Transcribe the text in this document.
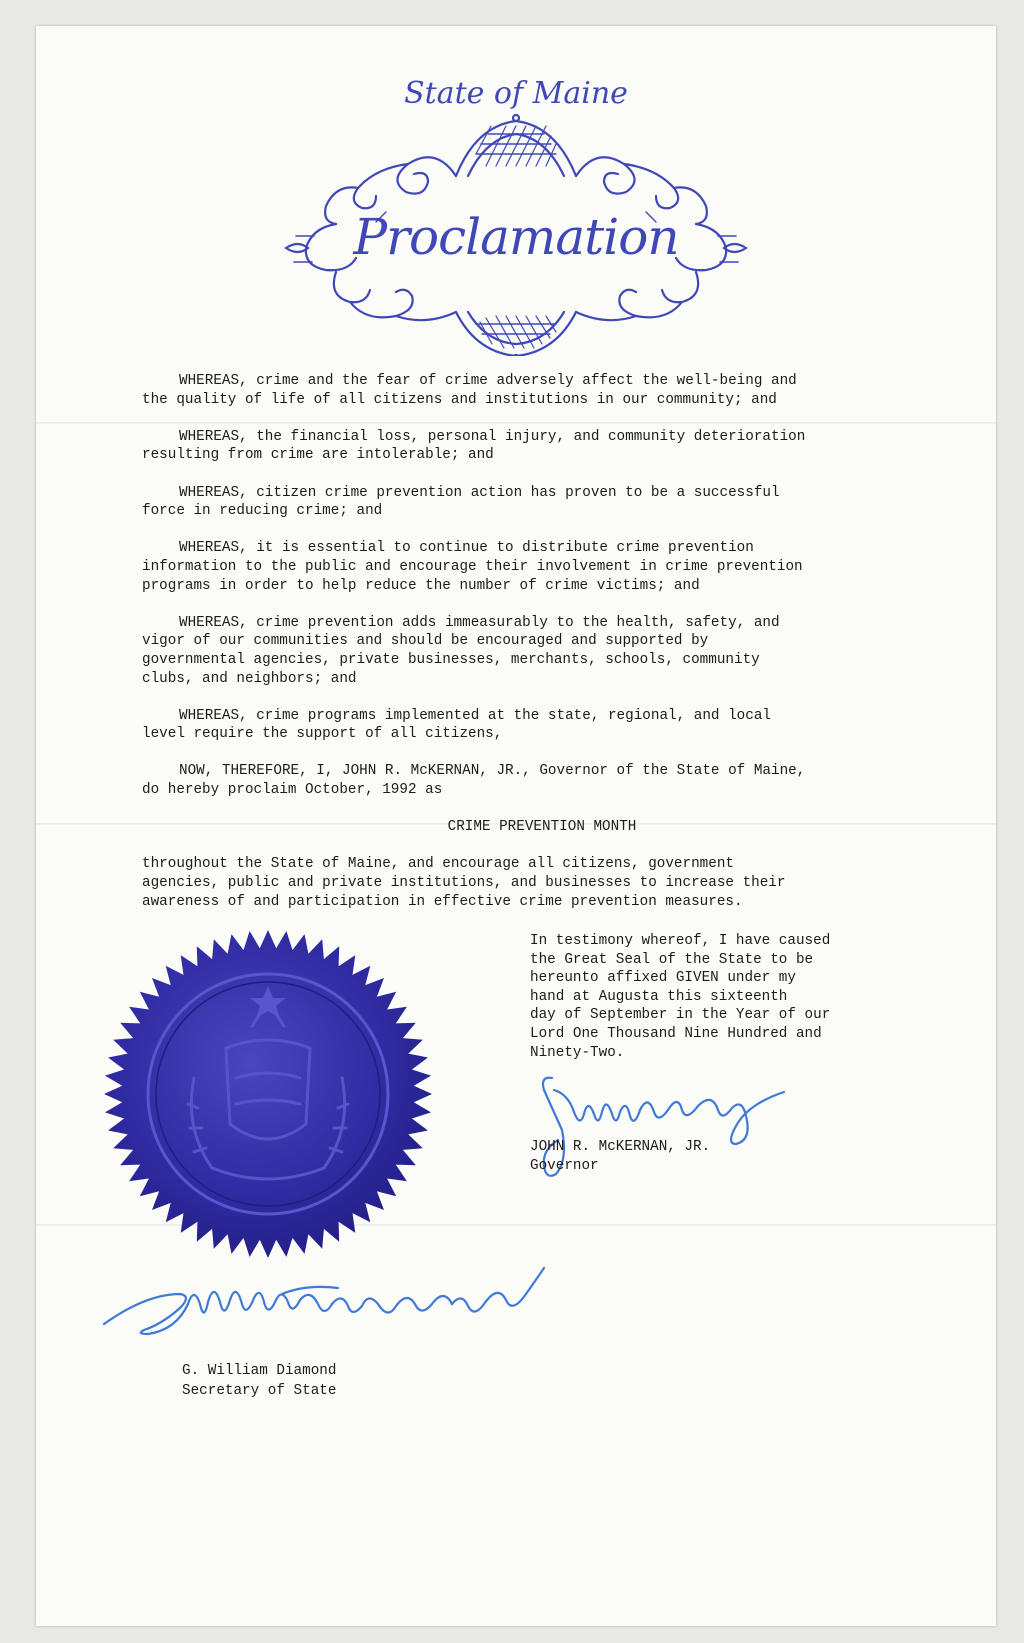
State of Maine
Proclamation

WHEREAS, crime and the fear of crime adversely affect the well-being and
the quality of life of all citizens and institutions in our community; and

WHEREAS, the financial loss, personal injury, and community deterioration
resulting from crime are intolerable; and

WHEREAS, citizen crime prevention action has proven to be a successful
force in reducing crime; and

WHEREAS, it is essential to continue to distribute crime prevention
information to the public and encourage their involvement in crime prevention
programs in order to help reduce the number of crime victims; and

WHEREAS, crime prevention adds immeasurably to the health, safety, and
vigor of our communities and should be encouraged and supported by
governmental agencies, private businesses, merchants, schools, community
clubs, and neighbors; and

WHEREAS, crime programs implemented at the state, regional, and local
level require the support of all citizens,

NOW, THEREFORE, I, JOHN R. McKERNAN, JR., Governor of the State of Maine,
do hereby proclaim October, 1992 as

CRIME PREVENTION MONTH

throughout the State of Maine, and encourage all citizens, government
agencies, public and private institutions, and businesses to increase their
awareness of and participation in effective crime prevention measures.

In testimony whereof, I have caused
the Great Seal of the State to be
hereunto affixed GIVEN under my
hand at Augusta this sixteenth
day of September in the Year of our
Lord One Thousand Nine Hundred and
Ninety-Two.
JOHN R. McKERNAN, JR.
Governor
G. William Diamond
Secretary of State
